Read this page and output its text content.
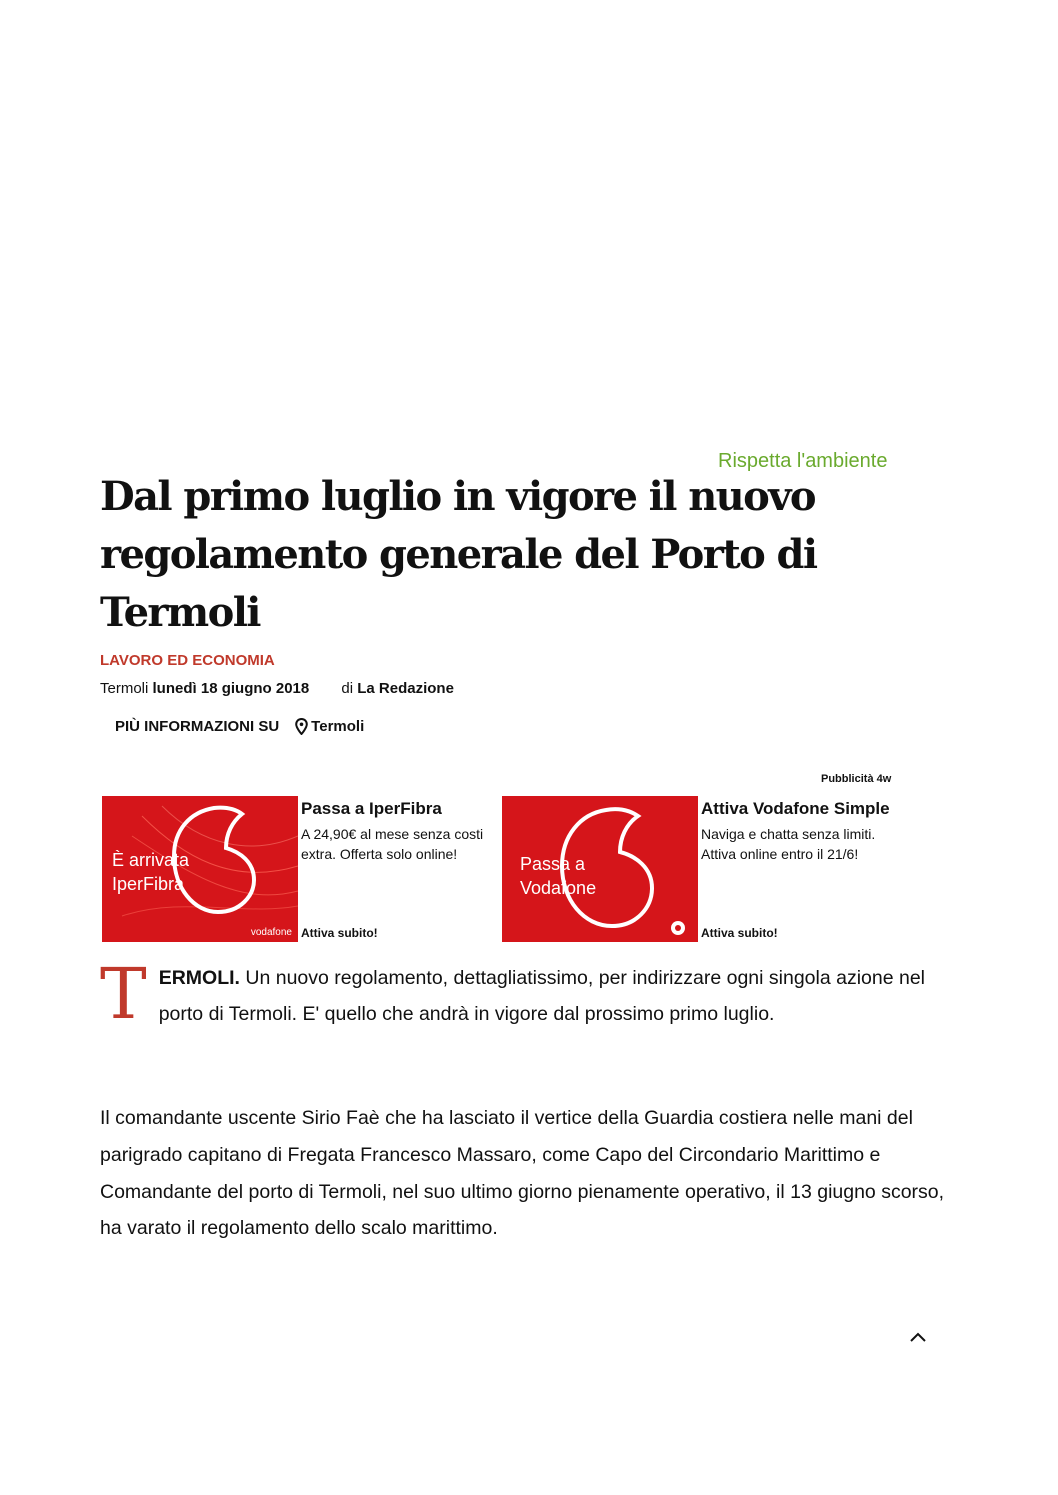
Rispetta l'ambiente
Dal primo luglio in vigore il nuovo regolamento generale del Porto di Termoli
LAVORO ED ECONOMIA
Termoli lunedì 18 giugno 2018 di La Redazione
PIÙ INFORMAZIONI SU Termoli
Pubblicità 4w
È arrivata
IperFibra
vodafone
Passa a IperFibra
A 24,90€ al mese senza costi extra. Offerta solo online!
Attiva subito!
Passa a
Vodafone
Attiva Vodafone Simple
Naviga e chatta senza limiti. Attiva online entro il 21/6!
Attiva subito!
T ERMOLI. Un nuovo regolamento, dettagliatissimo, per indirizzare ogni singola azione nel porto di Termoli. E' quello che andrà in vigore dal prossimo primo luglio.
Il comandante uscente Sirio Faè che ha lasciato il vertice della Guardia costiera nelle mani del parigrado capitano di Fregata Francesco Massaro, come Capo del Circondario Marittimo e Comandante del porto di Termoli, nel suo ultimo giorno pienamente operativo, il 13 giugno scorso, ha varato il regolamento dello scalo marittimo.
